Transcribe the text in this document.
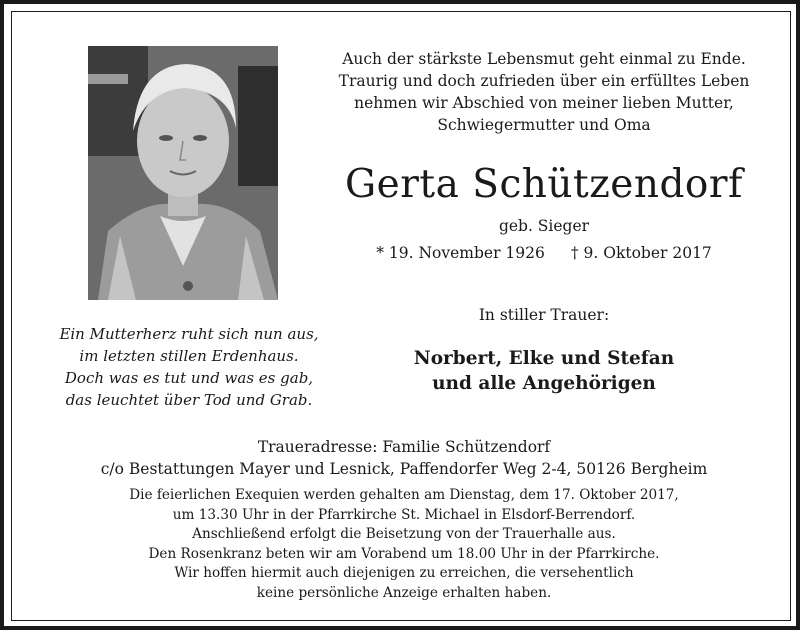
Ein Mutterherz ruht sich nun aus,
im letzten stillen Erdenhaus.
Doch was es tut und was es gab,
das leuchtet über Tod und Grab.
Auch der stärkste Lebensmut geht einmal zu Ende.
Traurig und doch zufrieden über ein erfülltes Leben
nehmen wir Abschied von meiner lieben Mutter,
Schwiegermutter und Oma
Gerta Schützendorf
geb. Sieger
* 19. November 1926 † 9. Oktober 2017
In stiller Trauer:
Norbert, Elke und Stefan
und alle Angehörigen
Traueradresse: Familie Schützendorf
c/o Bestattungen Mayer und Lesnick, Paffendorfer Weg 2-4, 50126 Bergheim
Die feierlichen Exequien werden gehalten am Dienstag, dem 17. Oktober 2017,
um 13.30 Uhr in der Pfarrkirche St. Michael in Elsdorf-Berrendorf.
Anschließend erfolgt die Beisetzung von der Trauerhalle aus.
Den Rosenkranz beten wir am Vorabend um 18.00 Uhr in der Pfarrkirche.
Wir hoffen hiermit auch diejenigen zu erreichen, die versehentlich
keine persönliche Anzeige erhalten haben.
